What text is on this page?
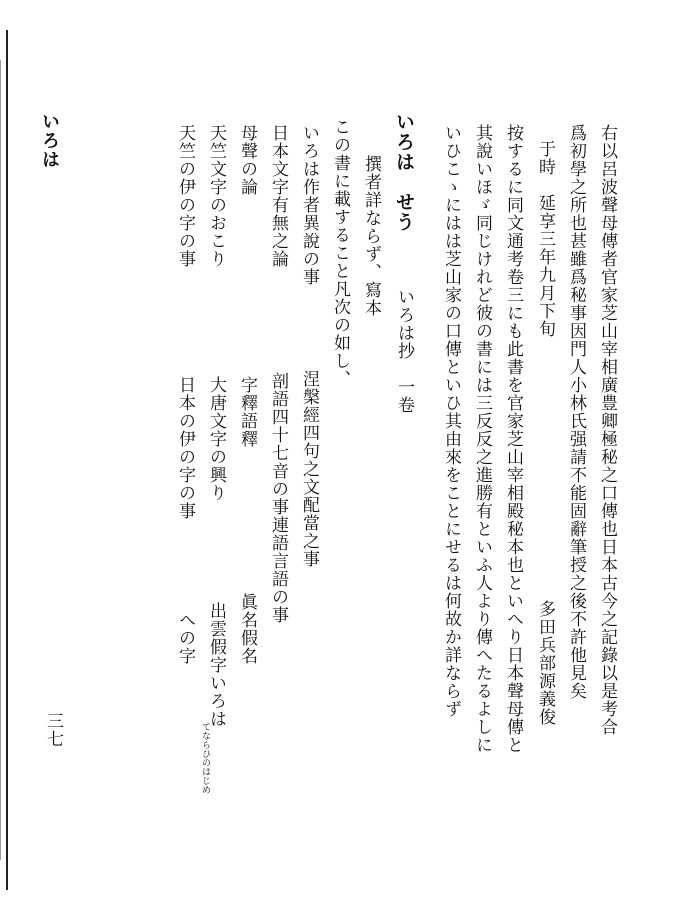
いろは
三七	右以呂波聲母傳者官家芝山宰相廣豊卿極秘之口傳也日本古今之記錄以是考合
爲初學之所也甚雖爲秘事因門人小林氏强請不能固辭筆授之後不許他見矣
于時　延享三年九月下旬
多田兵部源義俊
按するに同文通考卷三にも此書を官家芝山宰相殿秘本也といへり日本聲母傳と
其說いほゞ同じけれど彼の書には三反反之進勝有といふ人より傳へたるよしに
いひこゝにはは芝山家の口傳といひ其由來をことにせるは何故か詳ならず
いろは　せう
いろは抄　一卷
撰者詳ならず、寫本
この書に載すること凡次の如し、
いろは作者異說の事
涅槃經四句之文配當之事
日本文字有無之論
剖語四十七音の事連語言語の事
母聲の論
字釋語釋
眞名假名
天竺文字のおこり
大唐文字の興り
出雲假字いろは
てならひのはじめ
天竺の伊の字の事
日本の伊の字の事
への字
